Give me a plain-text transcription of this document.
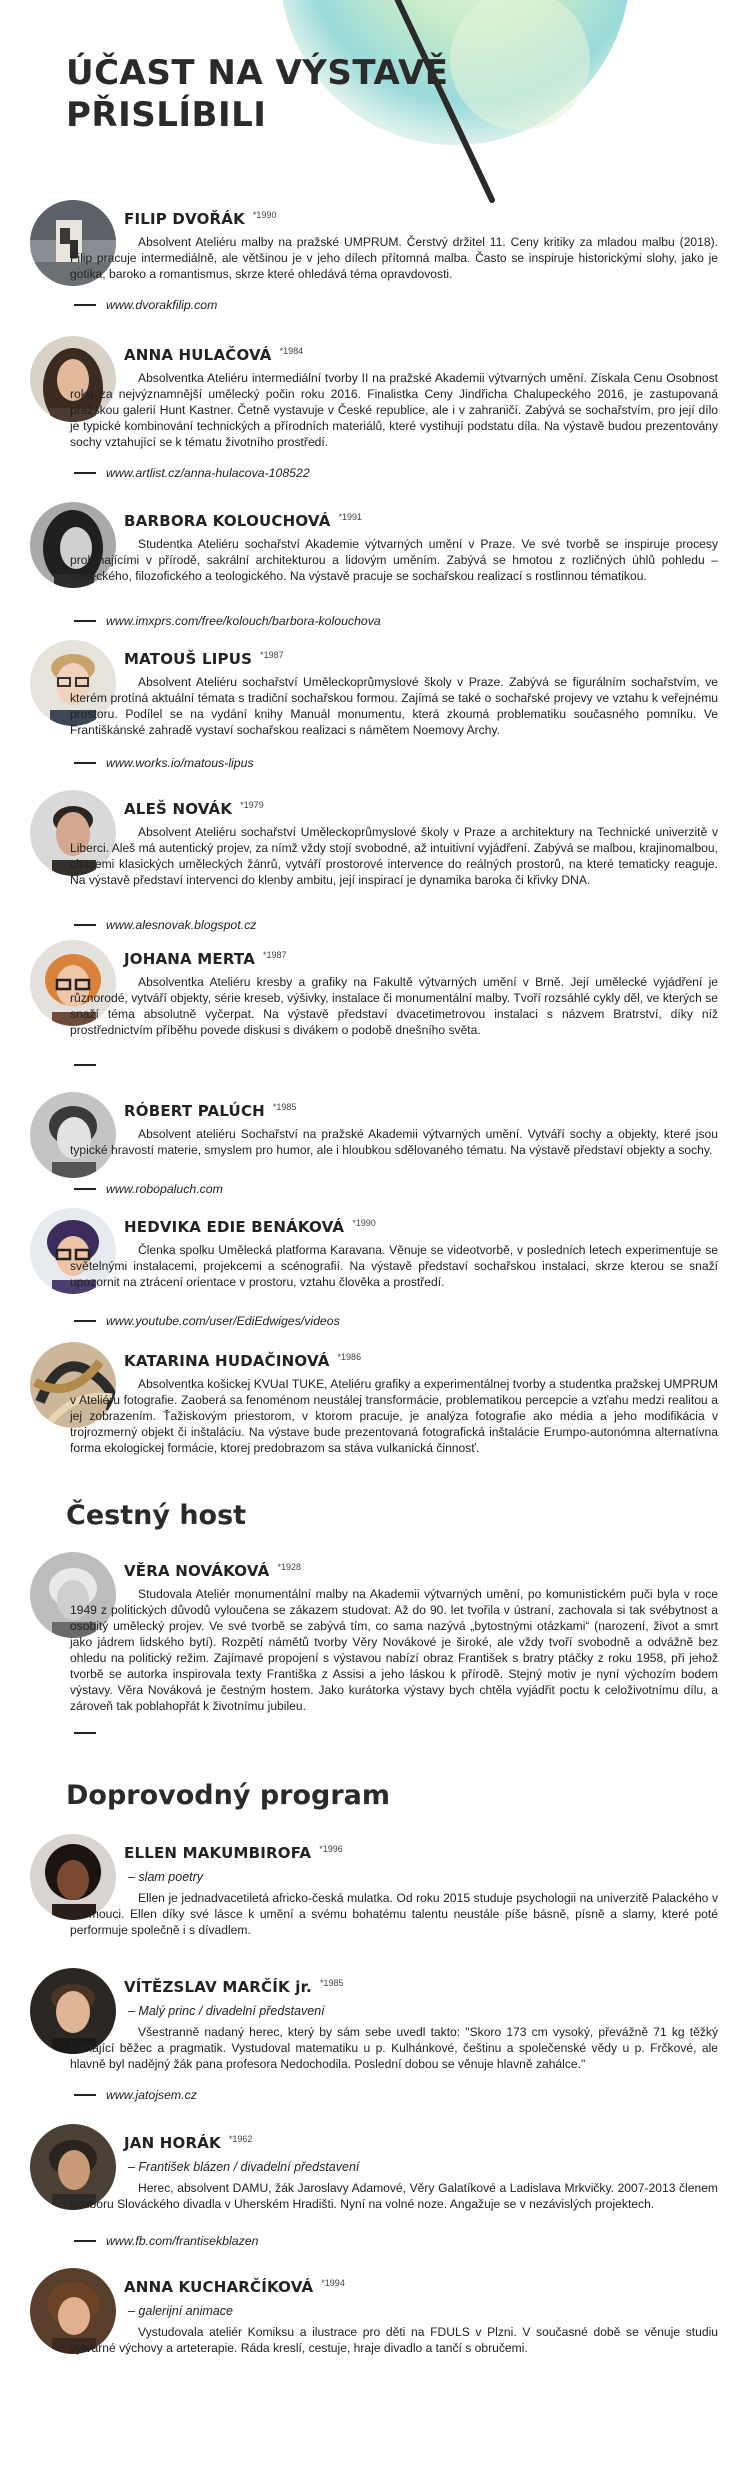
ÚČAST NA VÝSTAVĚ
PŘISLÍBILI
FILIP DVOŘÁK $^{*1990}$

Absolvent Ateliéru malby na pražské UMPRUM. Čerstvý držitel 11. Ceny kritiky za mladou malbu (2018). Filip pracuje intermediálně, ale většinou je v jeho dílech přítomná malba. Často se inspiruje historickými slohy, jako je gotika, baroko a romantismus, skrze které ohledává téma opravdovosti.

www.dvorakfilip.com
ANNA HULAČOVÁ $^{*1984}$

Absolventka Ateliéru intermediální tvorby II na pražské Akademii výtvarných umění. Získala Cenu Osobnost roku za nejvýznamnější umělecký počin roku 2016. Finalistka Ceny Jindřicha Chalupeckého 2016, je zastupovaná pražskou galerií Hunt Kastner. Četně vystavuje v České republice, ale i v zahraničí. Zabývá se sochařstvím, pro její dílo je typické kombinování technických a přírodních materiálů, které vystihují podstatu díla. Na výstavě budou prezentovány sochy vztahující se k tématu životního prostředí.

www.artlist.cz/anna-hulacova-108522
BARBORA KOLOUCHOVÁ $^{*1991}$

Studentka Ateliéru sochařství Akademie výtvarných umění v Praze. Ve své tvorbě se inspiruje procesy probíhajícími v přírodě, sakrální architekturou a lidovým uměním. Zabývá se hmotou z rozličných úhlů pohledu – vědeckého, filozofického a teologického. Na výstavě pracuje se sochařskou realizací s rostlinnou tématikou.

www.imxprs.com/free/kolouch/barbora-kolouchova
MATOUŠ LIPUS $^{*1987}$

Absolvent Ateliéru sochařství Uměleckoprůmyslové školy v Praze. Zabývá se figurálním sochařstvím, ve kterém protíná aktuální témata s tradiční sochařskou formou. Zajímá se také o sochařské projevy ve vztahu k veřejnému prostoru. Podílel se na vydání knihy Manuál monumentu, která zkoumá problematiku současného pomníku. Ve Františkánské zahradě vystaví sochařskou realizaci s námětem Noemovy Archy.

www.works.io/matous-lipus
ALEŠ NOVÁK $^{*1979}$

Absolvent Ateliéru sochařství Uměleckoprůmyslové školy v Praze a architektury na Technické univerzitě v Liberci. Aleš má autentický projev, za nímž vždy stojí svobodné, až intuitivní vyjádření. Zabývá se malbou, krajinomalbou, citacemi klasických uměleckých žánrů, vytváří prostorové intervence do reálných prostorů, na které tematicky reaguje. Na výstavě představí intervenci do klenby ambitu, její inspirací je dynamika baroka či křivky DNA.

www.alesnovak.blogspot.cz
JOHANA MERTA $^{*1987}$

Absolventka Ateliéru kresby a grafiky na Fakultě výtvarných umění v Brně. Její umělecké vyjádření je různorodé, vytváří objekty, série kreseb, výšivky, instalace či monumentální malby. Tvoří rozsáhlé cykly děl, ve kterých se snaží téma absolutně vyčerpat. Na výstavě představí dvacetimetrovou instalaci s názvem Bratrství, díky níž prostřednictvím příběhu povede diskusi s divákem o podobě dnešního světa.

RÓBERT PALÚCH $^{*1985}$

Absolvent ateliéru Sochařství na pražské Akademii výtvarných umění. Vytváří sochy a objekty, které jsou typické hravostí materie, smyslem pro humor, ale i hloubkou sdělovaného tématu. Na výstavě představí objekty a sochy.

www.robopaluch.com
HEDVIKA EDIE BENÁKOVÁ $^{*1990}$

Členka spolku Umělecká platforma Karavana. Věnuje se videotvorbě, v posledních letech experimentuje se světelnými instalacemi, projekcemi a scénografií. Na výstavě představí sochařskou instalaci, skrze kterou se snaží upozornit na ztrácení orientace v prostoru, vztahu člověka a prostředí.

www.youtube.com/user/EdiEdwiges/videos
KATARINA HUDAČINOVÁ $^{*1986}$

Absolventka košickej KVUaI TUKE, Ateliéru grafiky a experimentálnej tvorby a studentka pražskej UMPRUM v Ateliéru fotografie. Zaoberá sa fenoménom neustálej transformácie, problematikou percepcie a vzťahu medzi realitou a jej zobrazením. Ťažiskovým priestorom, v ktorom pracuje, je analýza fotografie ako média a jeho modifikácia v trojrozmerný objekt či inštaláciu. Na výstave bude prezentovaná fotografická inštalácie Erumpo-autonómna alternatívna forma ekologickej formácie, ktorej predobrazom sa stáva vulkanická činnosť.

Čestný host
VĚRA NOVÁKOVÁ $^{*1928}$

Studovala Ateliér monumentální malby na Akademii výtvarných umění, po komunistickém puči byla v roce 1949 z politických důvodů vyloučena se zákazem studovat. Až do 90. let tvořila v ústraní, zachovala si tak svébytnost a osobitý umělecký projev. Ve své tvorbě se zabývá tím, co sama nazývá „bytostnými otázkami“ (narození, život a smrt jako jádrem lidského bytí). Rozpětí námětů tvorby Věry Novákové je široké, ale vždy tvoří svobodně a odvážně bez ohledu na politický režim. Zajímavé propojení s výstavou nabízí obraz František s bratry ptáčky z roku 1958, při jehož tvorbě se autorka inspirovala texty Františka z Assisi a jeho láskou k přírodě. Stejný motiv je nyní výchozím bodem výstavy. Věra Nováková je čestným hostem. Jako kurátorka výstavy bych chtěla vyjádřit poctu k celoživotnímu dílu, a zároveň tak poblahopřát k životnímu jubileu.

Doprovodný program
ELLEN MAKUMBIROFA $^{*1996}$
– slam poetry

Ellen je jednadvacetiletá africko-česká mulatka. Od roku 2015 studuje psychologii na univerzitě Palackého v Olomouci. Ellen díky své lásce k umění a svému bohatému talentu neustále píše básně, písně a slamy, které poté performuje společně i s dívadlem.

VÍTĚZSLAV MARČÍK jr. $^{*1985}$
– Malý princ / divadelní představení

Všestranně nadaný herec, který by sám sebe uvedl takto: "Skoro 173 cm vysoký, převážně 71 kg těžký kulhající běžec a pragmatik. Vystudoval matematiku u p. Kulhánkové, češtinu a společenské vědy u p. Frčkové, ale hlavně byl nadějný žák pana profesora Nedochodila. Poslední dobou se věnuje hlavně zahálce."

www.jatojsem.cz
JAN HORÁK $^{*1962}$
– František blázen / divadelní představení

Herec, absolvent DAMU, žák Jaroslavy Adamové, Věry Galatíkové a Ladislava Mrkvičky. 2007-2013 členem souboru Slováckého divadla v Uherském Hradišti. Nyní na volné noze. Angažuje se v nezávislých projektech.

www.fb.com/frantisekblazen
ANNA KUCHARČÍKOVÁ $^{*1994}$
– galerijní animace

Vystudovala ateliér Komiksu a ilustrace pro děti na FDULS v Plzni. V současné době se věnuje studiu výtvarné výchovy a arteterapie. Ráda kreslí, cestuje, hraje divadlo a tančí s obručemi.
